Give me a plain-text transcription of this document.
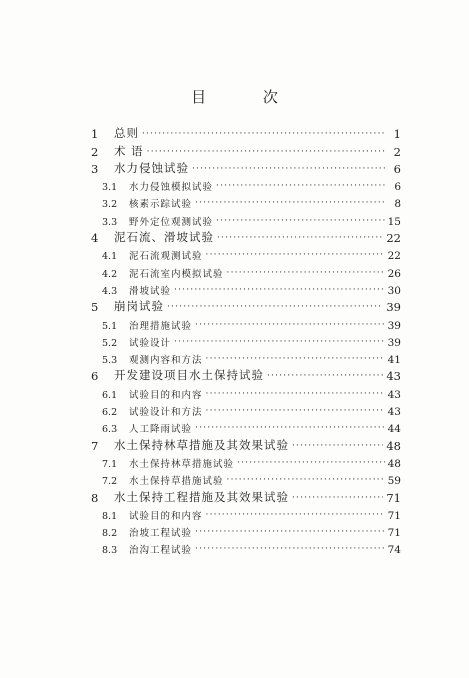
目 次
1	总则 ·····	1
2	术 语 ·····	2
3	水力侵蚀试验 ·····	6
3.1	水力侵蚀模拟试验 ·····	6
3.2	核素示踪试验 ·····	8
3.3	野外定位观测试验 ·····	15
4	泥石流、滑坡试验 ·····	22
4.1	泥石流观测试验 ·····	22
4.2	泥石流室内模拟试验 ·····	26
4.3	滑坡试验 ·····	30
5	崩岗试验 ·····	39
5.1	治理措施试验 ·····	39
5.2	试验设计 ·····	39
5.3	观测内容和方法 ·····	41
6	开发建设项目水土保持试验 ·····	43
6.1	试验目的和内容 ·····	43
6.2	试验设计和方法 ·····	43
6.3	人工降雨试验 ·····	44
7	水土保持林草措施及其效果试验 ·····	48
7.1	水土保持林草措施试验 ·····	48
7.2	水土保持草措施试验 ·····	59
8	水土保持工程措施及其效果试验 ·····	71
8.1	试验目的和内容 ·····	71
8.2	治坡工程试验 ·····	71
8.3	治沟工程试验 ·····	74
